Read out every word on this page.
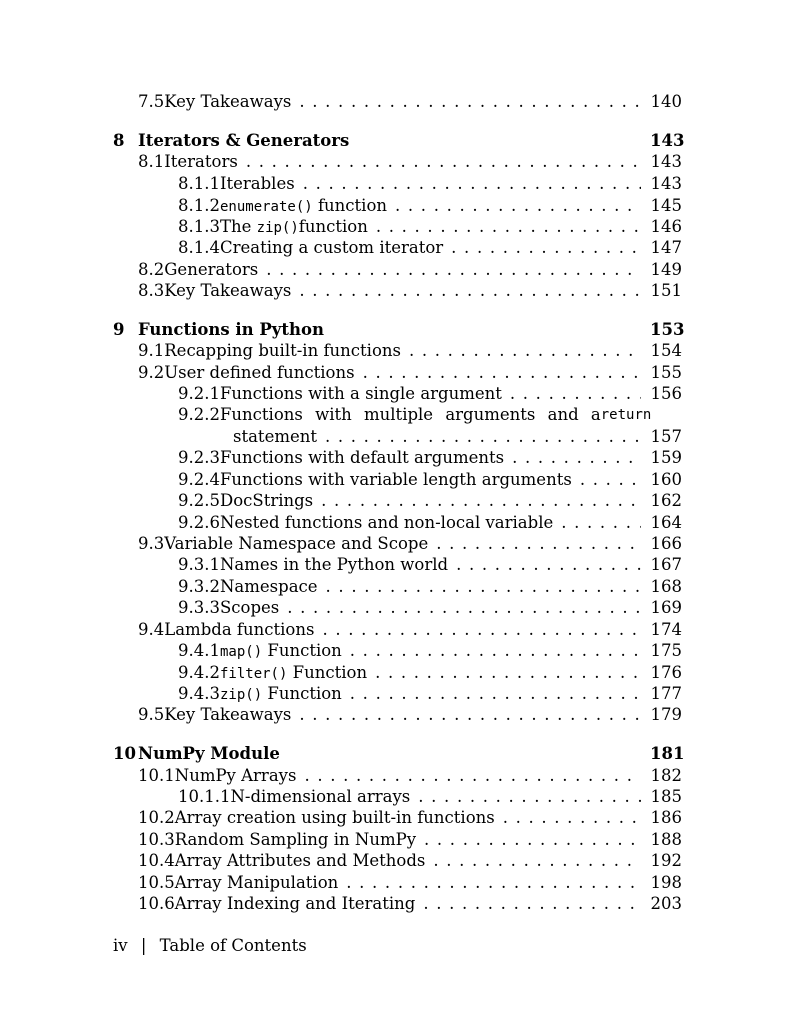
7.5 Key Takeaways . . .	140
8 Iterators & Generators	143
8.1 Iterators . . .	143
8.1.1 Iterables . . .	143
8.1.2 enumerate() function . . .	145
8.1.3 The zip()function . . .	146
8.1.4 Creating a custom iterator . . .	147
8.2 Generators . . .	149
8.3 Key Takeaways . . .	151
9 Functions in Python	153
9.1 Recapping built-in functions . . .	154
9.2 User defined functions . . .	155
9.2.1 Functions with a single argument . . .	156
9.2.2 Functions with multiple arguments and a return
statement . . .	157
9.2.3 Functions with default arguments . . .	159
9.2.4 Functions with variable length arguments . . .	160
9.2.5 DocStrings . . .	162
9.2.6 Nested functions and non-local variable . . .	164
9.3 Variable Namespace and Scope . . .	166
9.3.1 Names in the Python world . . .	167
9.3.2 Namespace . . .	168
9.3.3 Scopes . . .	169
9.4 Lambda functions . . .	174
9.4.1 map() Function . . .	175
9.4.2 filter() Function . . .	176
9.4.3 zip() Function . . .	177
9.5 Key Takeaways . . .	179
10 NumPy Module	181
10.1 NumPy Arrays . . .	182
10.1.1 N-dimensional arrays . . .	185
10.2 Array creation using built-in functions . . .	186
10.3 Random Sampling in NumPy . . .	188
10.4 Array Attributes and Methods . . .	192
10.5 Array Manipulation . . .	198
10.6 Array Indexing and Iterating . . .	203
iv | Table of Contents
